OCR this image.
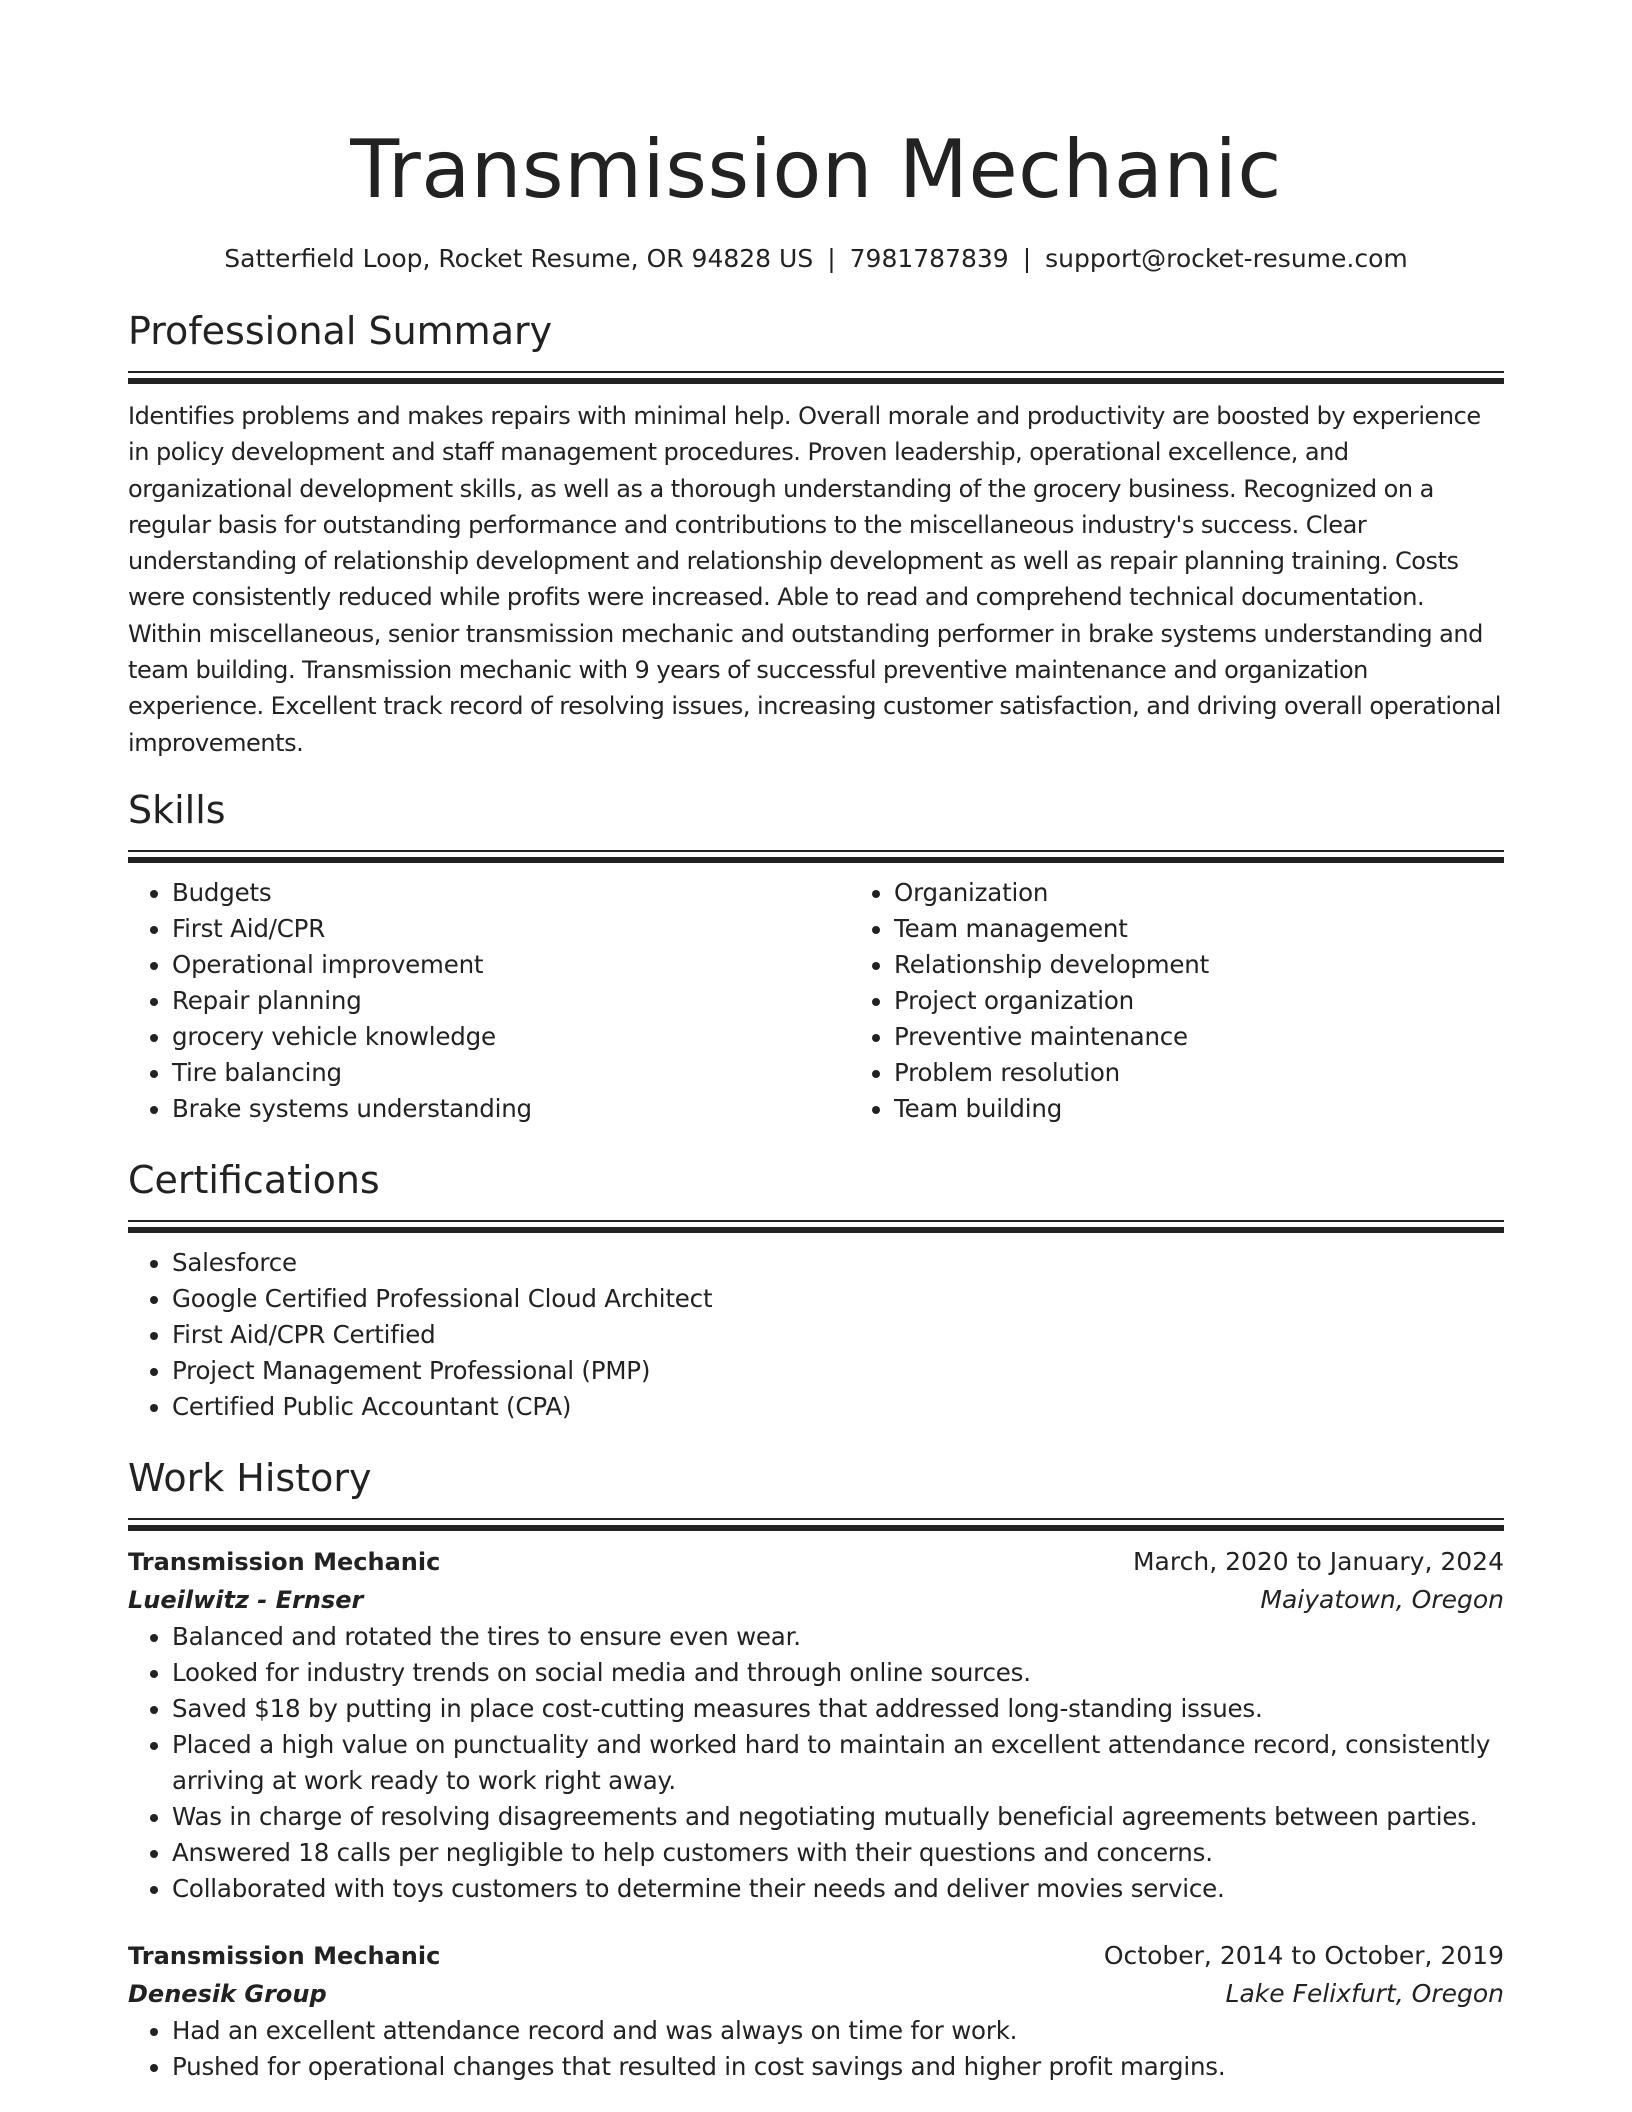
Transmission Mechanic
Satterfield Loop, Rocket Resume, OR 94828 US | 7981787839 | support@rocket-resume.com
Professional Summary
Identifies problems and makes repairs with minimal help. Overall morale and productivity are boosted by experience in policy development and staff management procedures. Proven leadership, operational excellence, and organizational development skills, as well as a thorough understanding of the grocery business. Recognized on a regular basis for outstanding performance and contributions to the miscellaneous industry's success. Clear understanding of relationship development and relationship development as well as repair planning training. Costs were consistently reduced while profits were increased. Able to read and comprehend technical documentation. Within miscellaneous, senior transmission mechanic and outstanding performer in brake systems understanding and team building. Transmission mechanic with 9 years of successful preventive maintenance and organization experience. Excellent track record of resolving issues, increasing customer satisfaction, and driving overall operational improvements.
Skills
• Budgets
• First Aid/CPR
• Operational improvement
• Repair planning
• grocery vehicle knowledge
• Tire balancing
• Brake systems understanding
• Organization
• Team management
• Relationship development
• Project organization
• Preventive maintenance
• Problem resolution
• Team building
Certifications
• Salesforce
• Google Certified Professional Cloud Architect
• First Aid/CPR Certified
• Project Management Professional (PMP)
• Certified Public Accountant (CPA)
Work History
Transmission Mechanic	March, 2020 to January, 2024
Lueilwitz - Ernser	Maiyatown, Oregon
• Balanced and rotated the tires to ensure even wear.
• Looked for industry trends on social media and through online sources.
• Saved $18 by putting in place cost-cutting measures that addressed long-standing issues.
• Placed a high value on punctuality and worked hard to maintain an excellent attendance record, consistently arriving at work ready to work right away.
• Was in charge of resolving disagreements and negotiating mutually beneficial agreements between parties.
• Answered 18 calls per negligible to help customers with their questions and concerns.
• Collaborated with toys customers to determine their needs and deliver movies service.
Transmission Mechanic	October, 2014 to October, 2019
Denesik Group	Lake Felixfurt, Oregon
• Had an excellent attendance record and was always on time for work.
• Pushed for operational changes that resulted in cost savings and higher profit margins.
